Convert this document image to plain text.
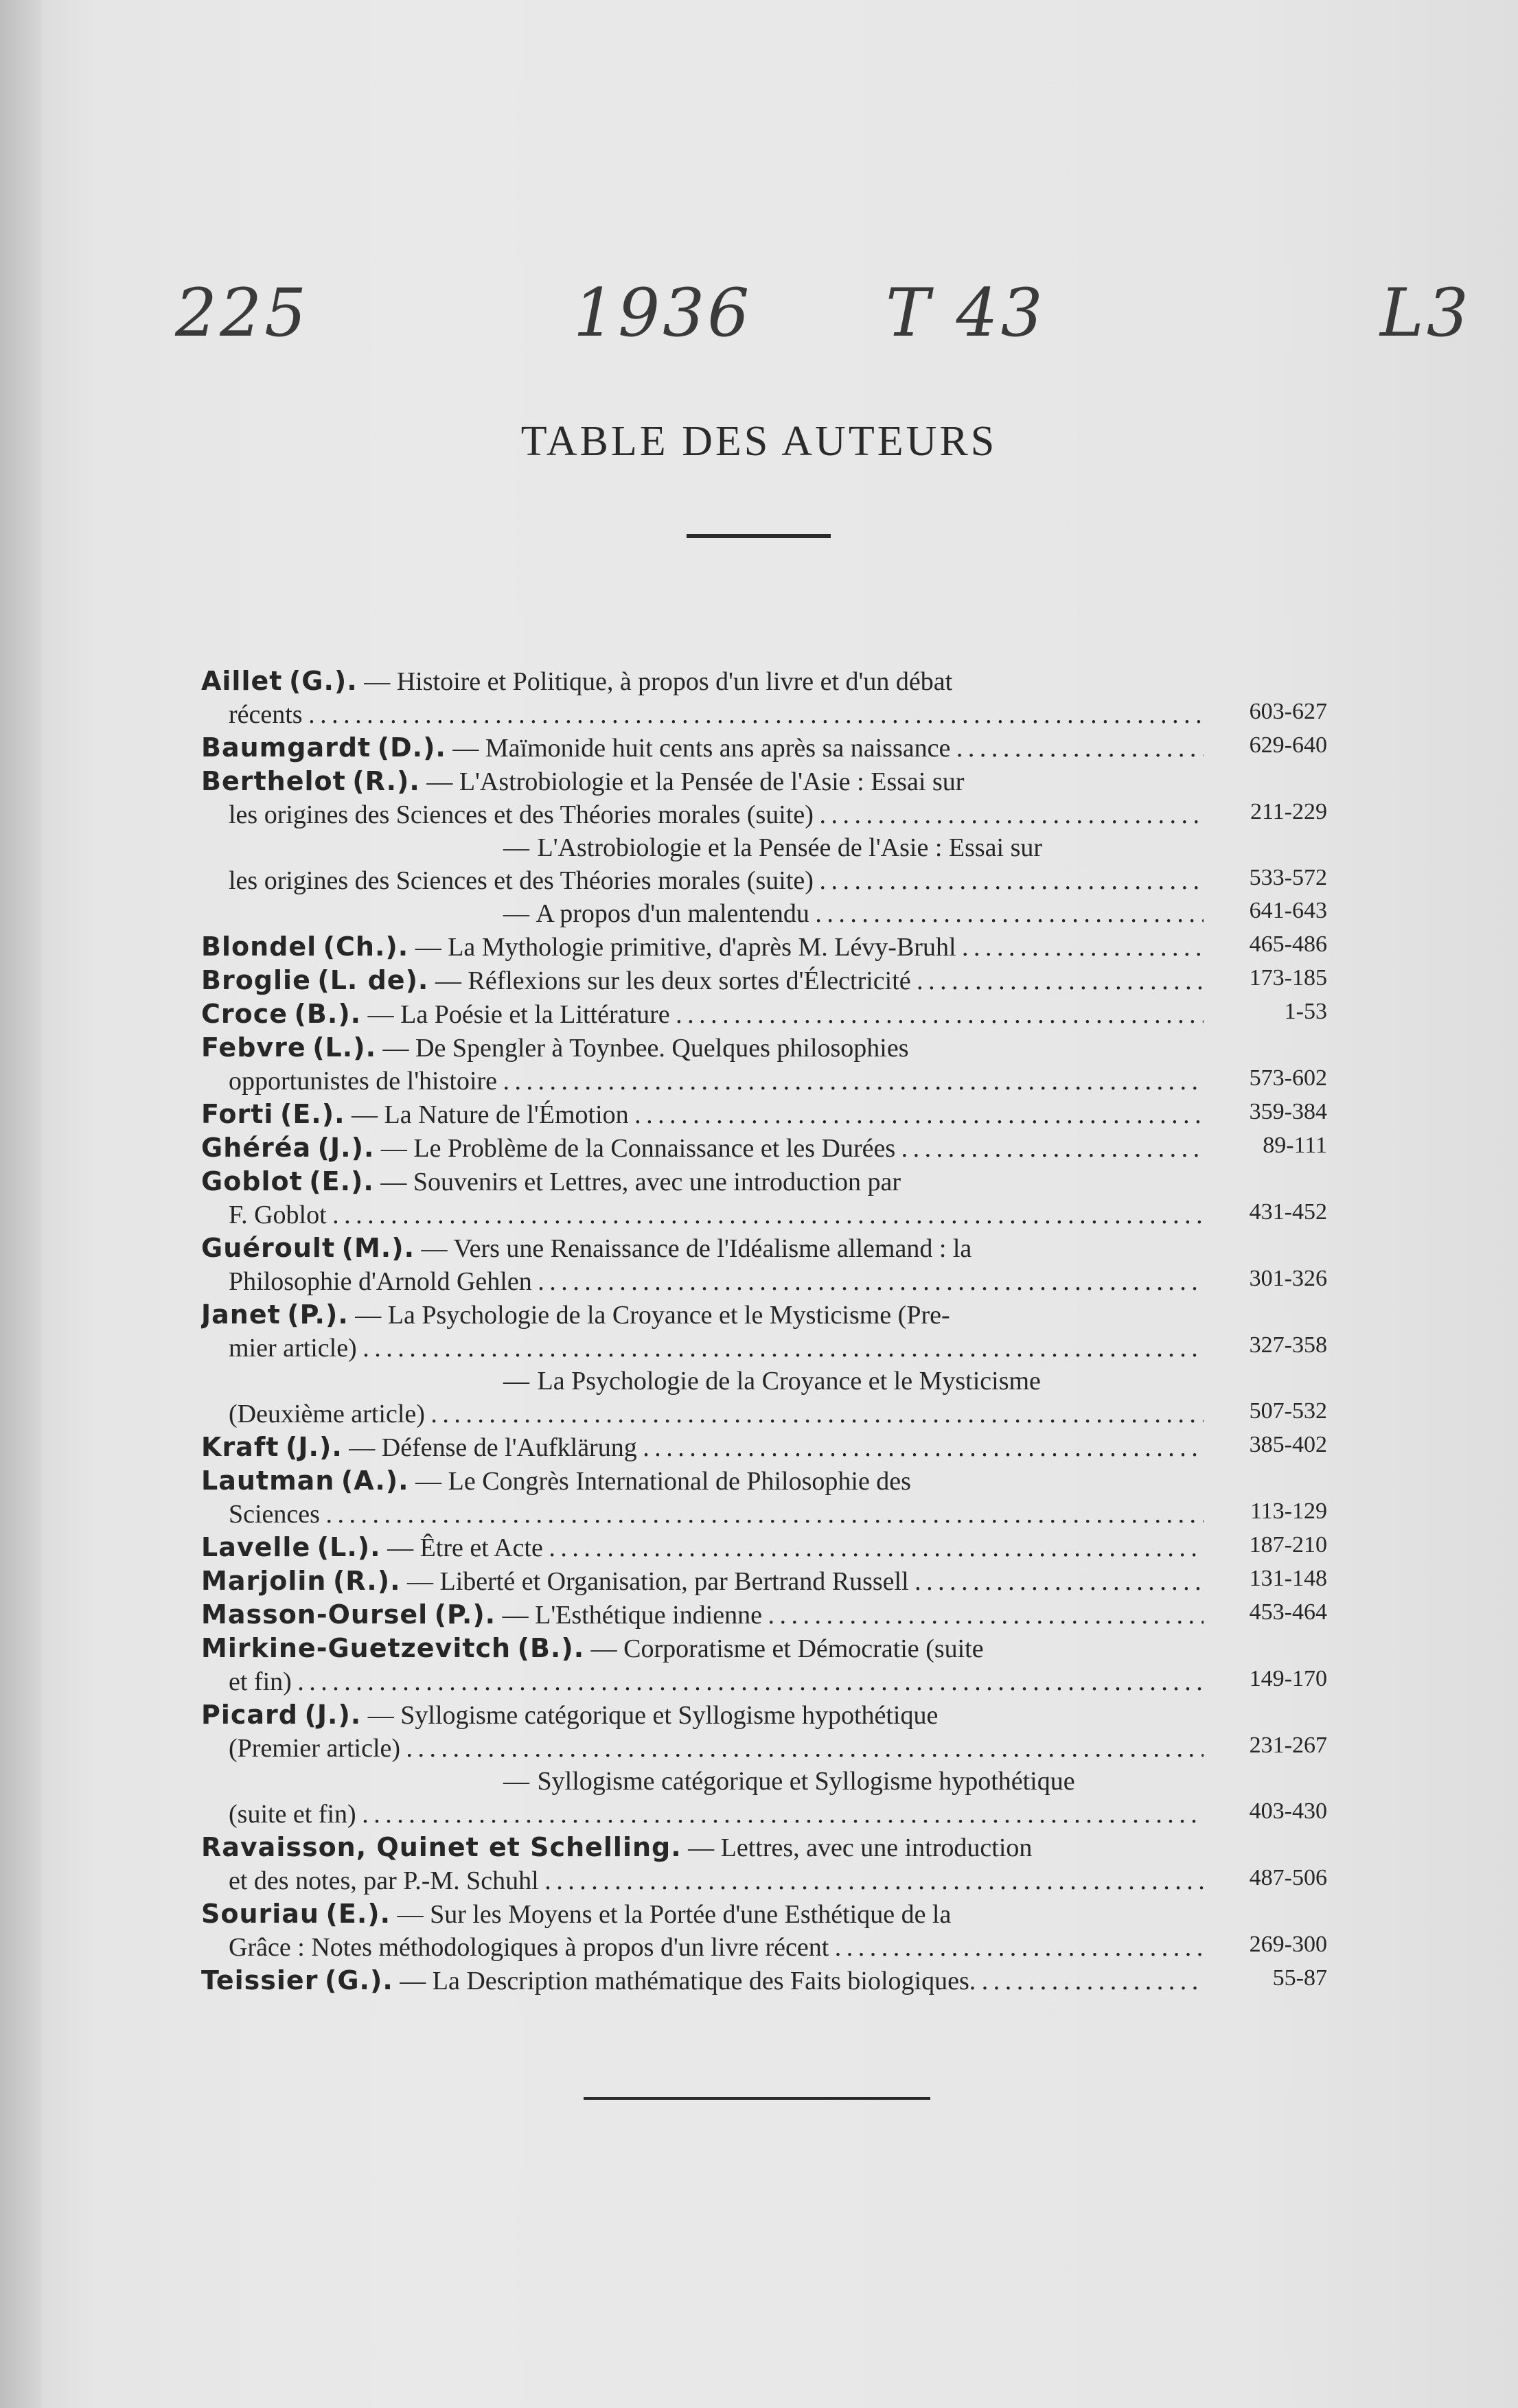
225	1936 T 43	L3
TABLE DES AUTEURS
Aillet (G.). — Histoire et Politique, à propos d'un livre et d'un débat
récents . . .	603-627
Baumgardt (D.). — Maïmonide huit cents ans après sa naissance . . .	629-640
Berthelot (R.). — L'Astrobiologie et la Pensée de l'Asie : Essai sur
les origines des Sciences et des Théories morales (suite) . . .	211-229
— L'Astrobiologie et la Pensée de l'Asie : Essai sur
les origines des Sciences et des Théories morales (suite) . . .	533-572
— A propos d'un malentendu . . .	641-643
Blondel (Ch.). — La Mythologie primitive, d'après M. Lévy-Bruhl . . .	465-486
Broglie (L. de). — Réflexions sur les deux sortes d'Électricité . . .	173-185
Croce (B.). — La Poésie et la Littérature . . .	1-53
Febvre (L.). — De Spengler à Toynbee. Quelques philosophies
opportunistes de l'histoire . . .	573-602
Forti (E.). — La Nature de l'Émotion . . .	359-384
Ghéréa (J.). — Le Problème de la Connaissance et les Durées . . .	89-111
Goblot (E.). — Souvenirs et Lettres, avec une introduction par
F. Goblot . . .	431-452
Guéroult (M.). — Vers une Renaissance de l'Idéalisme allemand : la
Philosophie d'Arnold Gehlen . . .	301-326
Janet (P.). — La Psychologie de la Croyance et le Mysticisme (Pre-
mier article) . . .	327-358
— La Psychologie de la Croyance et le Mysticisme
(Deuxième article) . . .	507-532
Kraft (J.). — Défense de l'Aufklärung . . .	385-402
Lautman (A.). — Le Congrès International de Philosophie des
Sciences . . .	113-129
Lavelle (L.). — Être et Acte . . .	187-210
Marjolin (R.). — Liberté et Organisation, par Bertrand Russell . . .	131-148
Masson-Oursel (P.). — L'Esthétique indienne . . .	453-464
Mirkine-Guetzevitch (B.). — Corporatisme et Démocratie (suite
et fin) . . .	149-170
Picard (J.). — Syllogisme catégorique et Syllogisme hypothétique
(Premier article) . . .	231-267
— Syllogisme catégorique et Syllogisme hypothétique
(suite et fin) . . .	403-430
Ravaisson, Quinet et Schelling. — Lettres, avec une introduction
et des notes, par P.-M. Schuhl . . .	487-506
Souriau (E.). — Sur les Moyens et la Portée d'une Esthétique de la
Grâce : Notes méthodologiques à propos d'un livre récent . . .	269-300
Teissier (G.). — La Description mathématique des Faits biologiques. . . .	55-87
